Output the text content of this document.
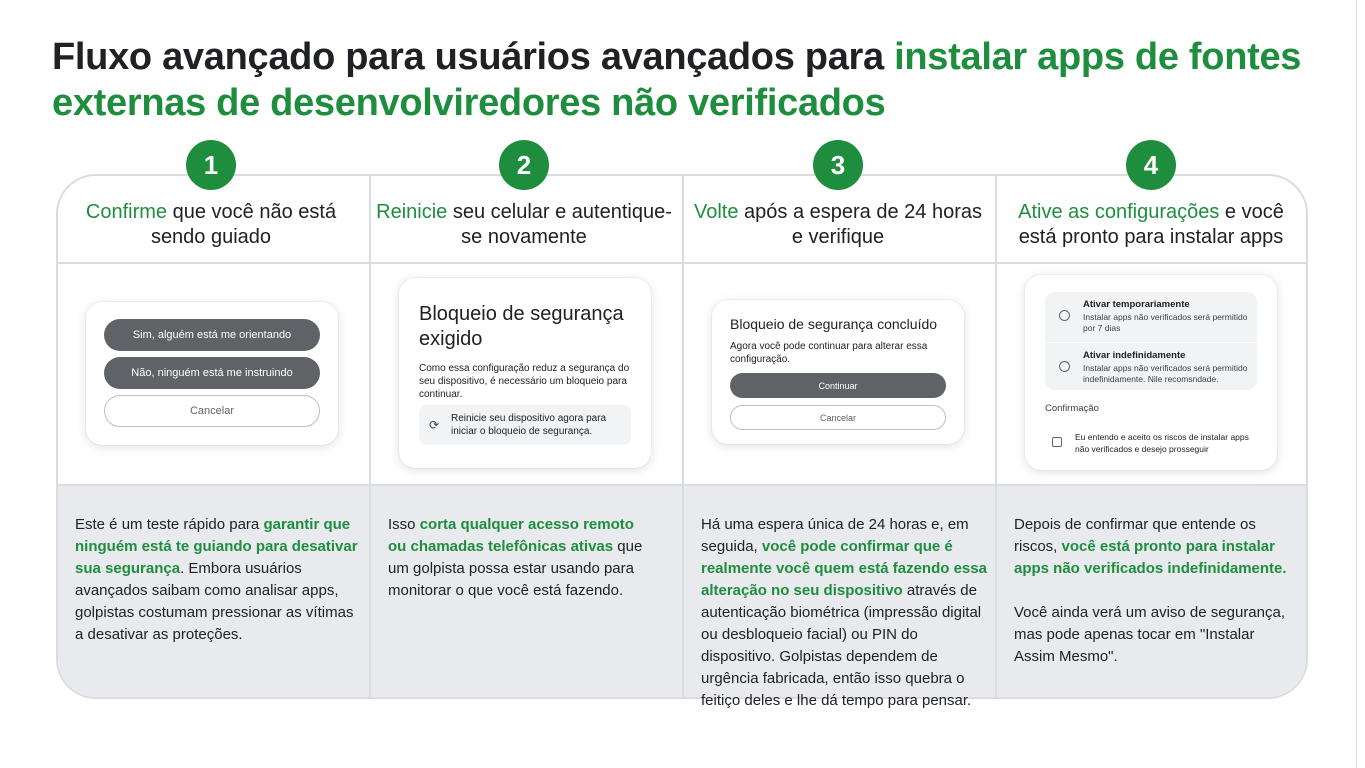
Fluxo avançado para usuários avançados para instalar apps de fontes externas de desenvolviredores não verificados
1	2	3	4
Confirme que você não está sendo guiado
Reinicie seu celular e autentique-se novamente
Volte após a espera de 24 horas e verifique
Ative as configurações e você está pronto para instalar apps
Sim, alguém está me orientando
Não, ninguém está me instruindo
Cancelar
Bloqueio de segurança exigido
Como essa configuração reduz a segurança do seu dispositivo, é necessário um bloqueio para continuar.
⟳ Reinicie seu dispositivo agora para iniciar o bloqueio de segurança.
Bloqueio de segurança concluído
Agora você pode continuar para alterar essa configuração.
Continuar
Cancelar
Ativar temporariamente
Instalar apps não verificados será permitido por 7 dias
Ativar indefinidamente
Instalar apps não verificados será permitido indefinidamente. Nile recomsndade.
Confirmação
Eu entendo e aceito os riscos de instalar apps não verificados e desejo prosseguir
Este é um teste rápido para garantir que ninguém está te guiando para desativar sua segurança. Embora usuários avançados saibam como analisar apps, golpistas costumam pressionar as vítimas a desativar as proteções.
Isso corta qualquer acesso remoto ou chamadas telefônicas ativas que um golpista possa estar usando para monitorar o que você está fazendo.
Há uma espera única de 24 horas e, em seguida, você pode confirmar que é realmente você quem está fazendo essa alteração no seu dispositivo através de autenticação biométrica (impressão digital ou desbloqueio facial) ou PIN do dispositivo. Golpistas dependem de urgência fabricada, então isso quebra o feitiço deles e lhe dá tempo para pensar.
Depois de confirmar que entende os riscos, você está pronto para instalar apps não verificados indefinidamente.
Você ainda verá um aviso de segurança, mas pode apenas tocar em "Instalar Assim Mesmo".
